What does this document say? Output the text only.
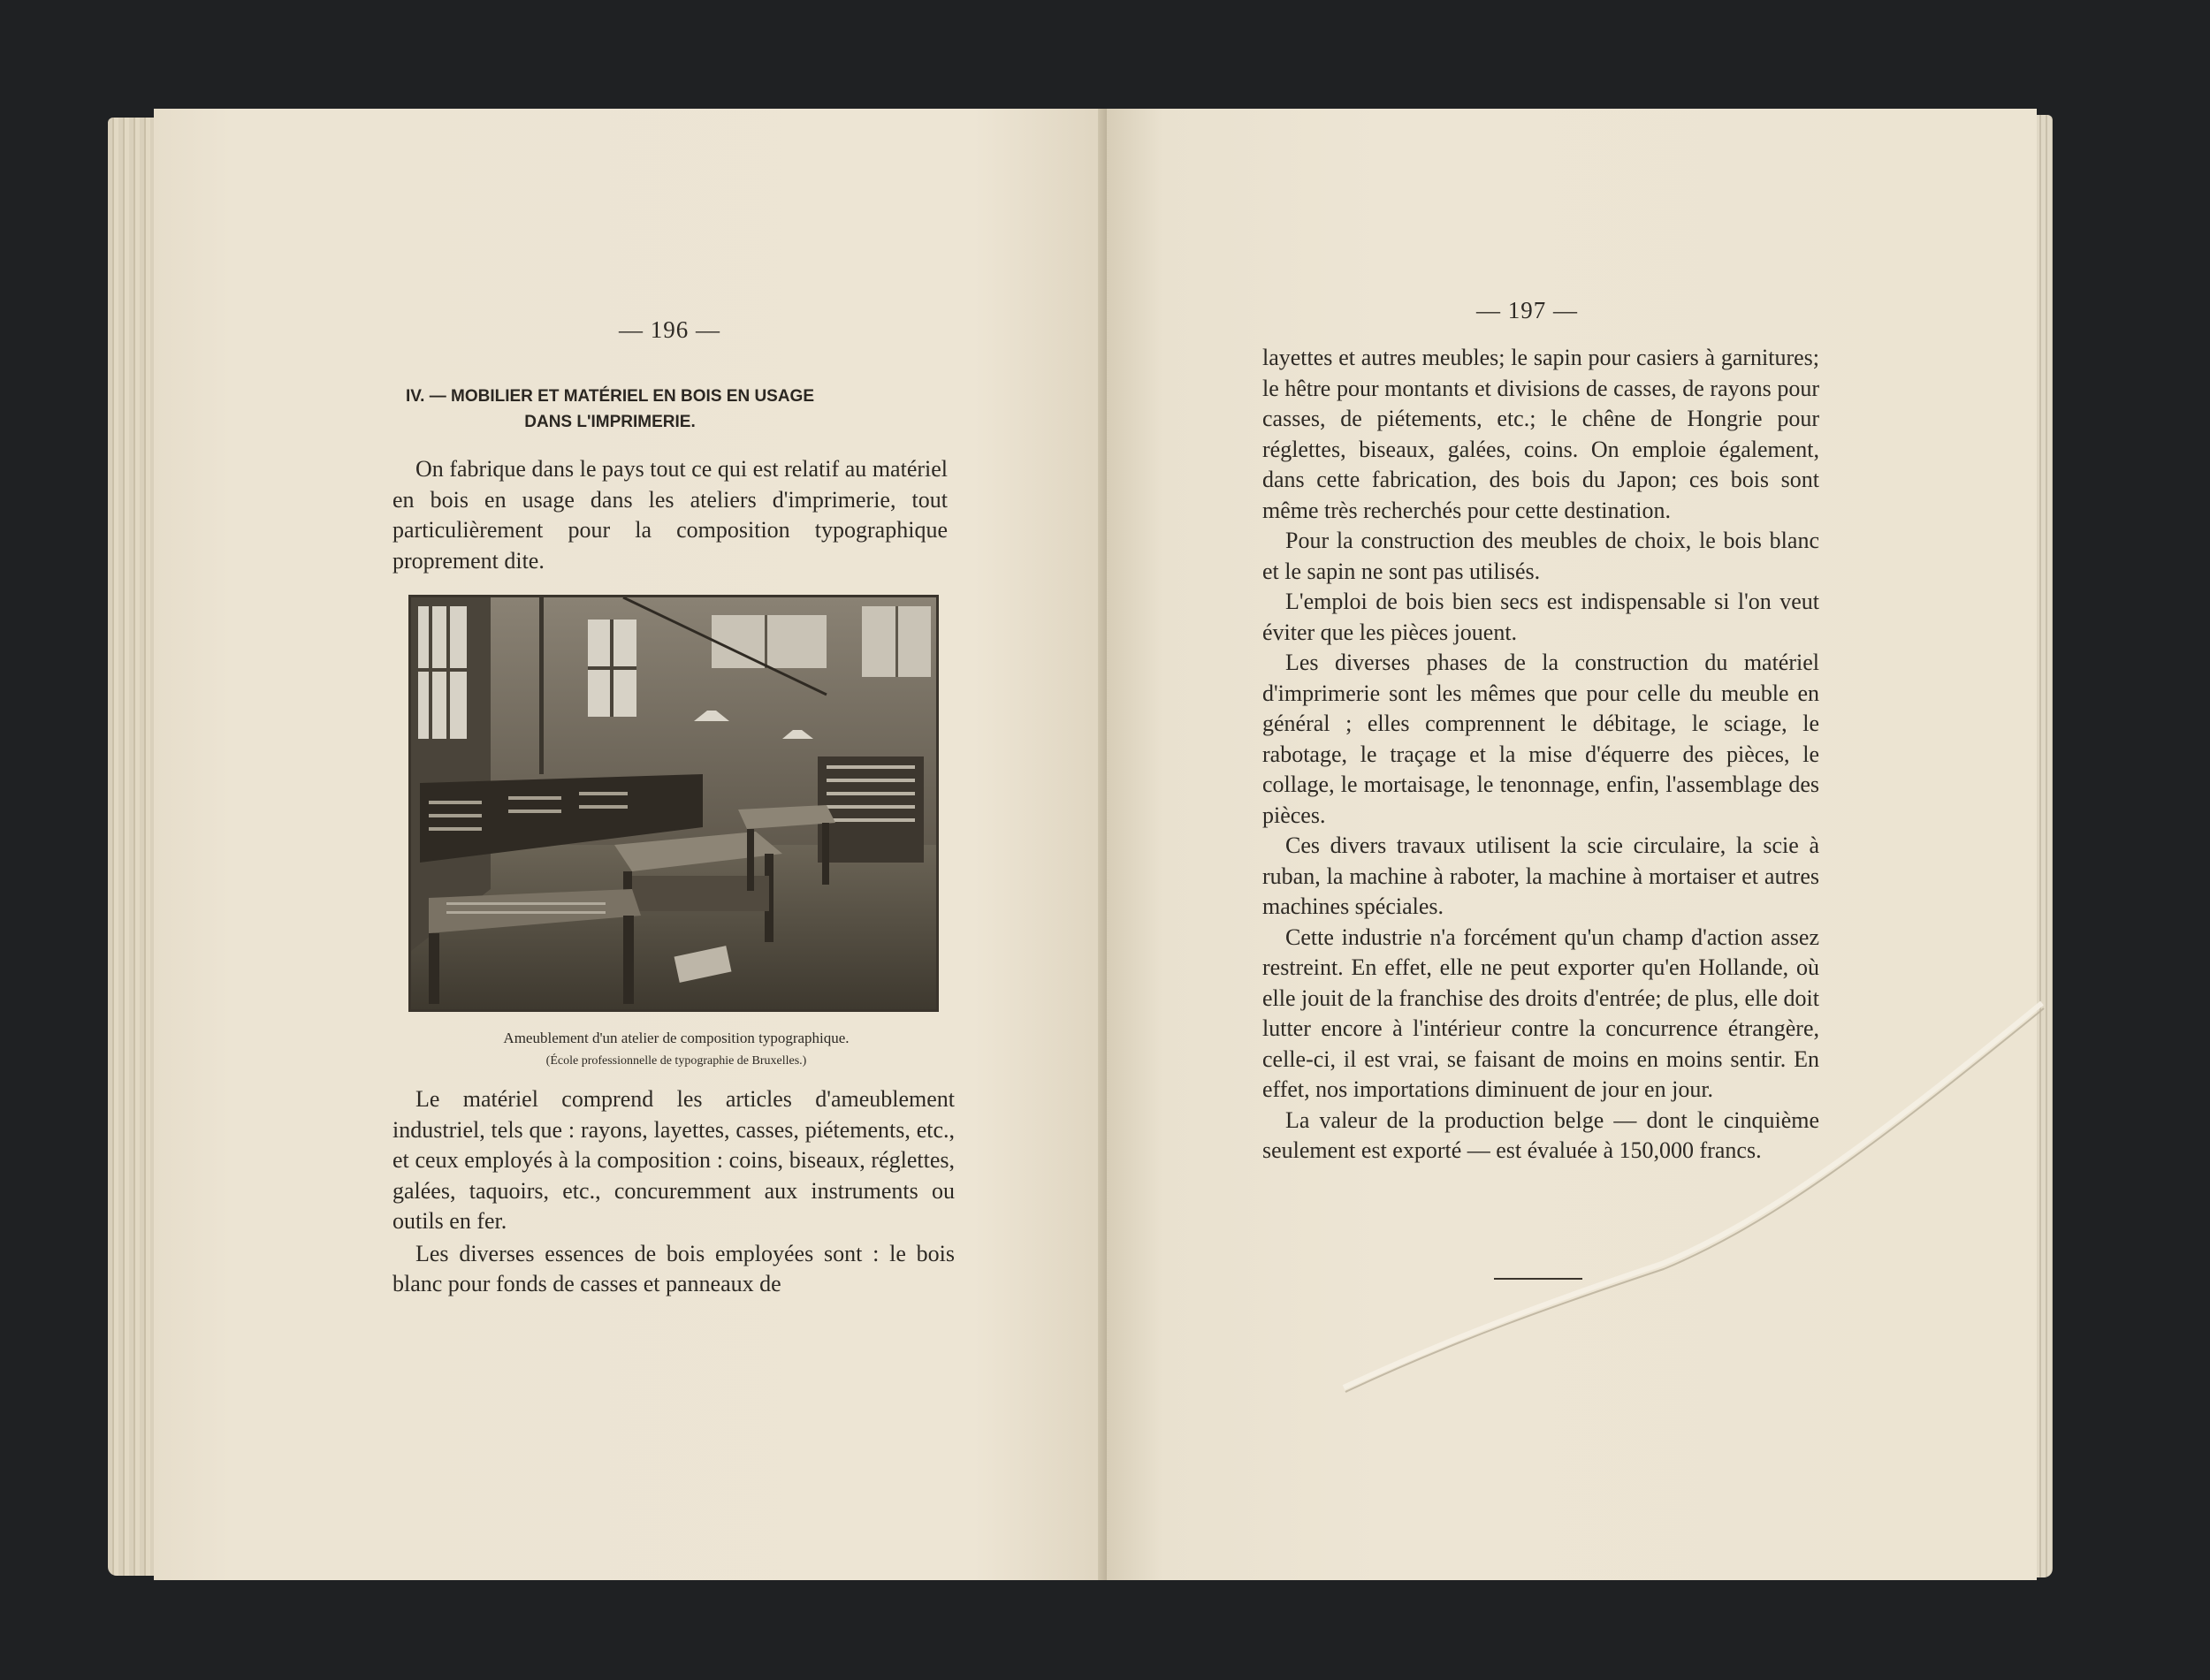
— 196 —
IV. — MOBILIER ET MATÉRIEL EN BOIS EN USAGE
DANS L'IMPRIMERIE.

On fabrique dans le pays tout ce qui est relatif au matériel en bois en usage dans les ateliers d'imprimerie, tout particulièrement pour la composition typographique proprement dite.

Ameublement d'un atelier de composition typographique.
(École professionnelle de typographie de Bruxelles.)

Le matériel comprend les articles d'ameublement industriel, tels que : rayons, layettes, casses, piétements, etc., et ceux employés à la composition : coins, biseaux, réglettes, galées, taquoirs, etc., concuremment aux instruments ou outils en fer.

Les diverses essences de bois employées sont : le bois blanc pour fonds de casses et panneaux de

— 197 —

layettes et autres meubles; le sapin pour casiers à garnitures; le hêtre pour montants et divisions de casses, de rayons pour casses, de piétements, etc.; le chêne de Hongrie pour réglettes, biseaux, galées, coins. On emploie également, dans cette fabrication, des bois du Japon; ces bois sont même très recherchés pour cette destination.

Pour la construction des meubles de choix, le bois blanc et le sapin ne sont pas utilisés.

L'emploi de bois bien secs est indispensable si l'on veut éviter que les pièces jouent.

Les diverses phases de la construction du matériel d'imprimerie sont les mêmes que pour celle du meuble en général ; elles comprennent le débitage, le sciage, le rabotage, le traçage et la mise d'équerre des pièces, le collage, le mortaisage, le tenonnage, enfin, l'assemblage des pièces.

Ces divers travaux utilisent la scie circulaire, la scie à ruban, la machine à raboter, la machine à mortaiser et autres machines spéciales.

Cette industrie n'a forcément qu'un champ d'action assez restreint. En effet, elle ne peut exporter qu'en Hollande, où elle jouit de la franchise des droits d'entrée; de plus, elle doit lutter encore à l'intérieur contre la concurrence étrangère, celle-ci, il est vrai, se faisant de moins en moins sentir. En effet, nos importations diminuent de jour en jour.

La valeur de la production belge — dont le cinquième seulement est exporté — est évaluée à 150,000 francs.
